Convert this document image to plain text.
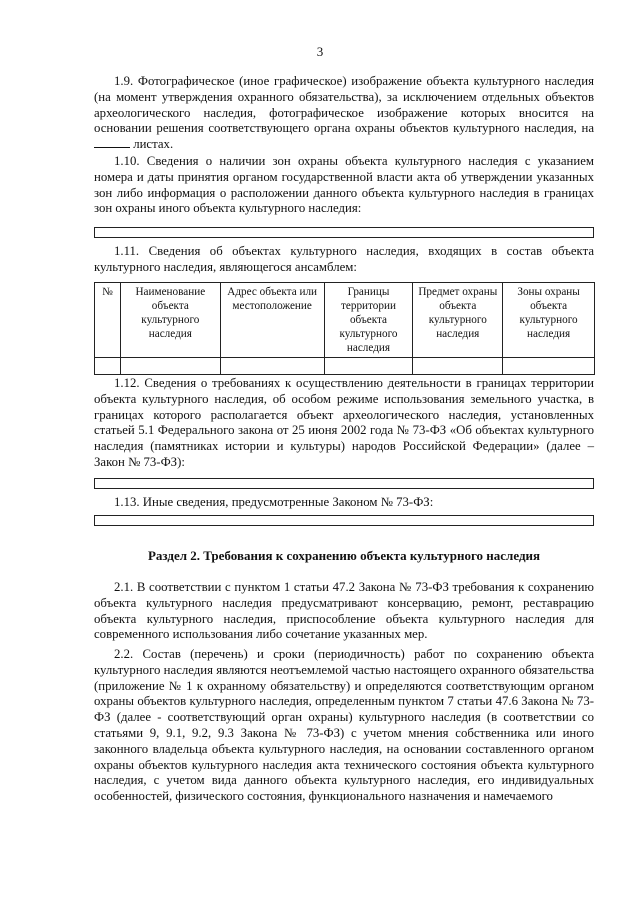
3

1.9. Фотографическое (иное графическое) изображение объекта культурного наследия (на момент утверждения охранного обязательства), за исключением отдельных объектов археологического наследия, фотографическое изображение которых вносится на основании решения соответствующего органа охраны объектов культурного наследия, на  листах.

1.10. Сведения о наличии зон охраны объекта культурного наследия с указанием номера и даты принятия органом государственной власти акта об утверждении указанных зон либо информация о расположении данного объекта культурного наследия в границах зон охраны иного объекта культурного наследия:

1.11. Сведения об объектах культурного наследия, входящих в состав объекта культурного наследия, являющегося ансамблем:

№	Наименование объекта культурного наследия	Адрес объекта или местоположение	Границы территории объекта культурного наследия	Предмет охраны объекта культурного наследия	Зоны охраны объекта культурного наследия

1.12. Сведения о требованиях к осуществлению деятельности в границах территории объекта культурного наследия, об особом режиме использования земельного участка, в границах которого располагается объект археологического наследия, установленных статьей 5.1 Федерального закона от 25 июня 2002 года № 73-ФЗ «Об объектах культурного наследия (памятниках истории и культуры) народов Российской Федерации» (далее – Закон № 73-ФЗ):

1.13. Иные сведения, предусмотренные Законом № 73-ФЗ:

Раздел 2. Требования к сохранению объекта культурного наследия

2.1. В соответствии с пунктом 1 статьи 47.2 Закона № 73-ФЗ требования к сохранению объекта культурного наследия предусматривают консервацию, ремонт, реставрацию объекта культурного наследия, приспособление объекта культурного наследия для современного использования либо сочетание указанных мер.

2.2. Состав (перечень) и сроки (периодичность) работ по сохранению объекта культурного наследия являются неотъемлемой частью настоящего охранного обязательства (приложение № 1 к охранному обязательству) и определяются соответствующим органом охраны объектов культурного наследия, определенным пунктом 7 статьи 47.6 Закона № 73-ФЗ (далее - соответствующий орган охраны) культурного наследия (в соответствии со статьями 9, 9.1, 9.2, 9.3 Закона № 73-ФЗ) с учетом мнения собственника или иного законного владельца объекта культурного наследия, на основании составленного органом охраны объектов культурного наследия акта технического состояния объекта культурного наследия, с учетом вида данного объекта культурного наследия, его индивидуальных особенностей, физического состояния, функционального назначения и намечаемого
